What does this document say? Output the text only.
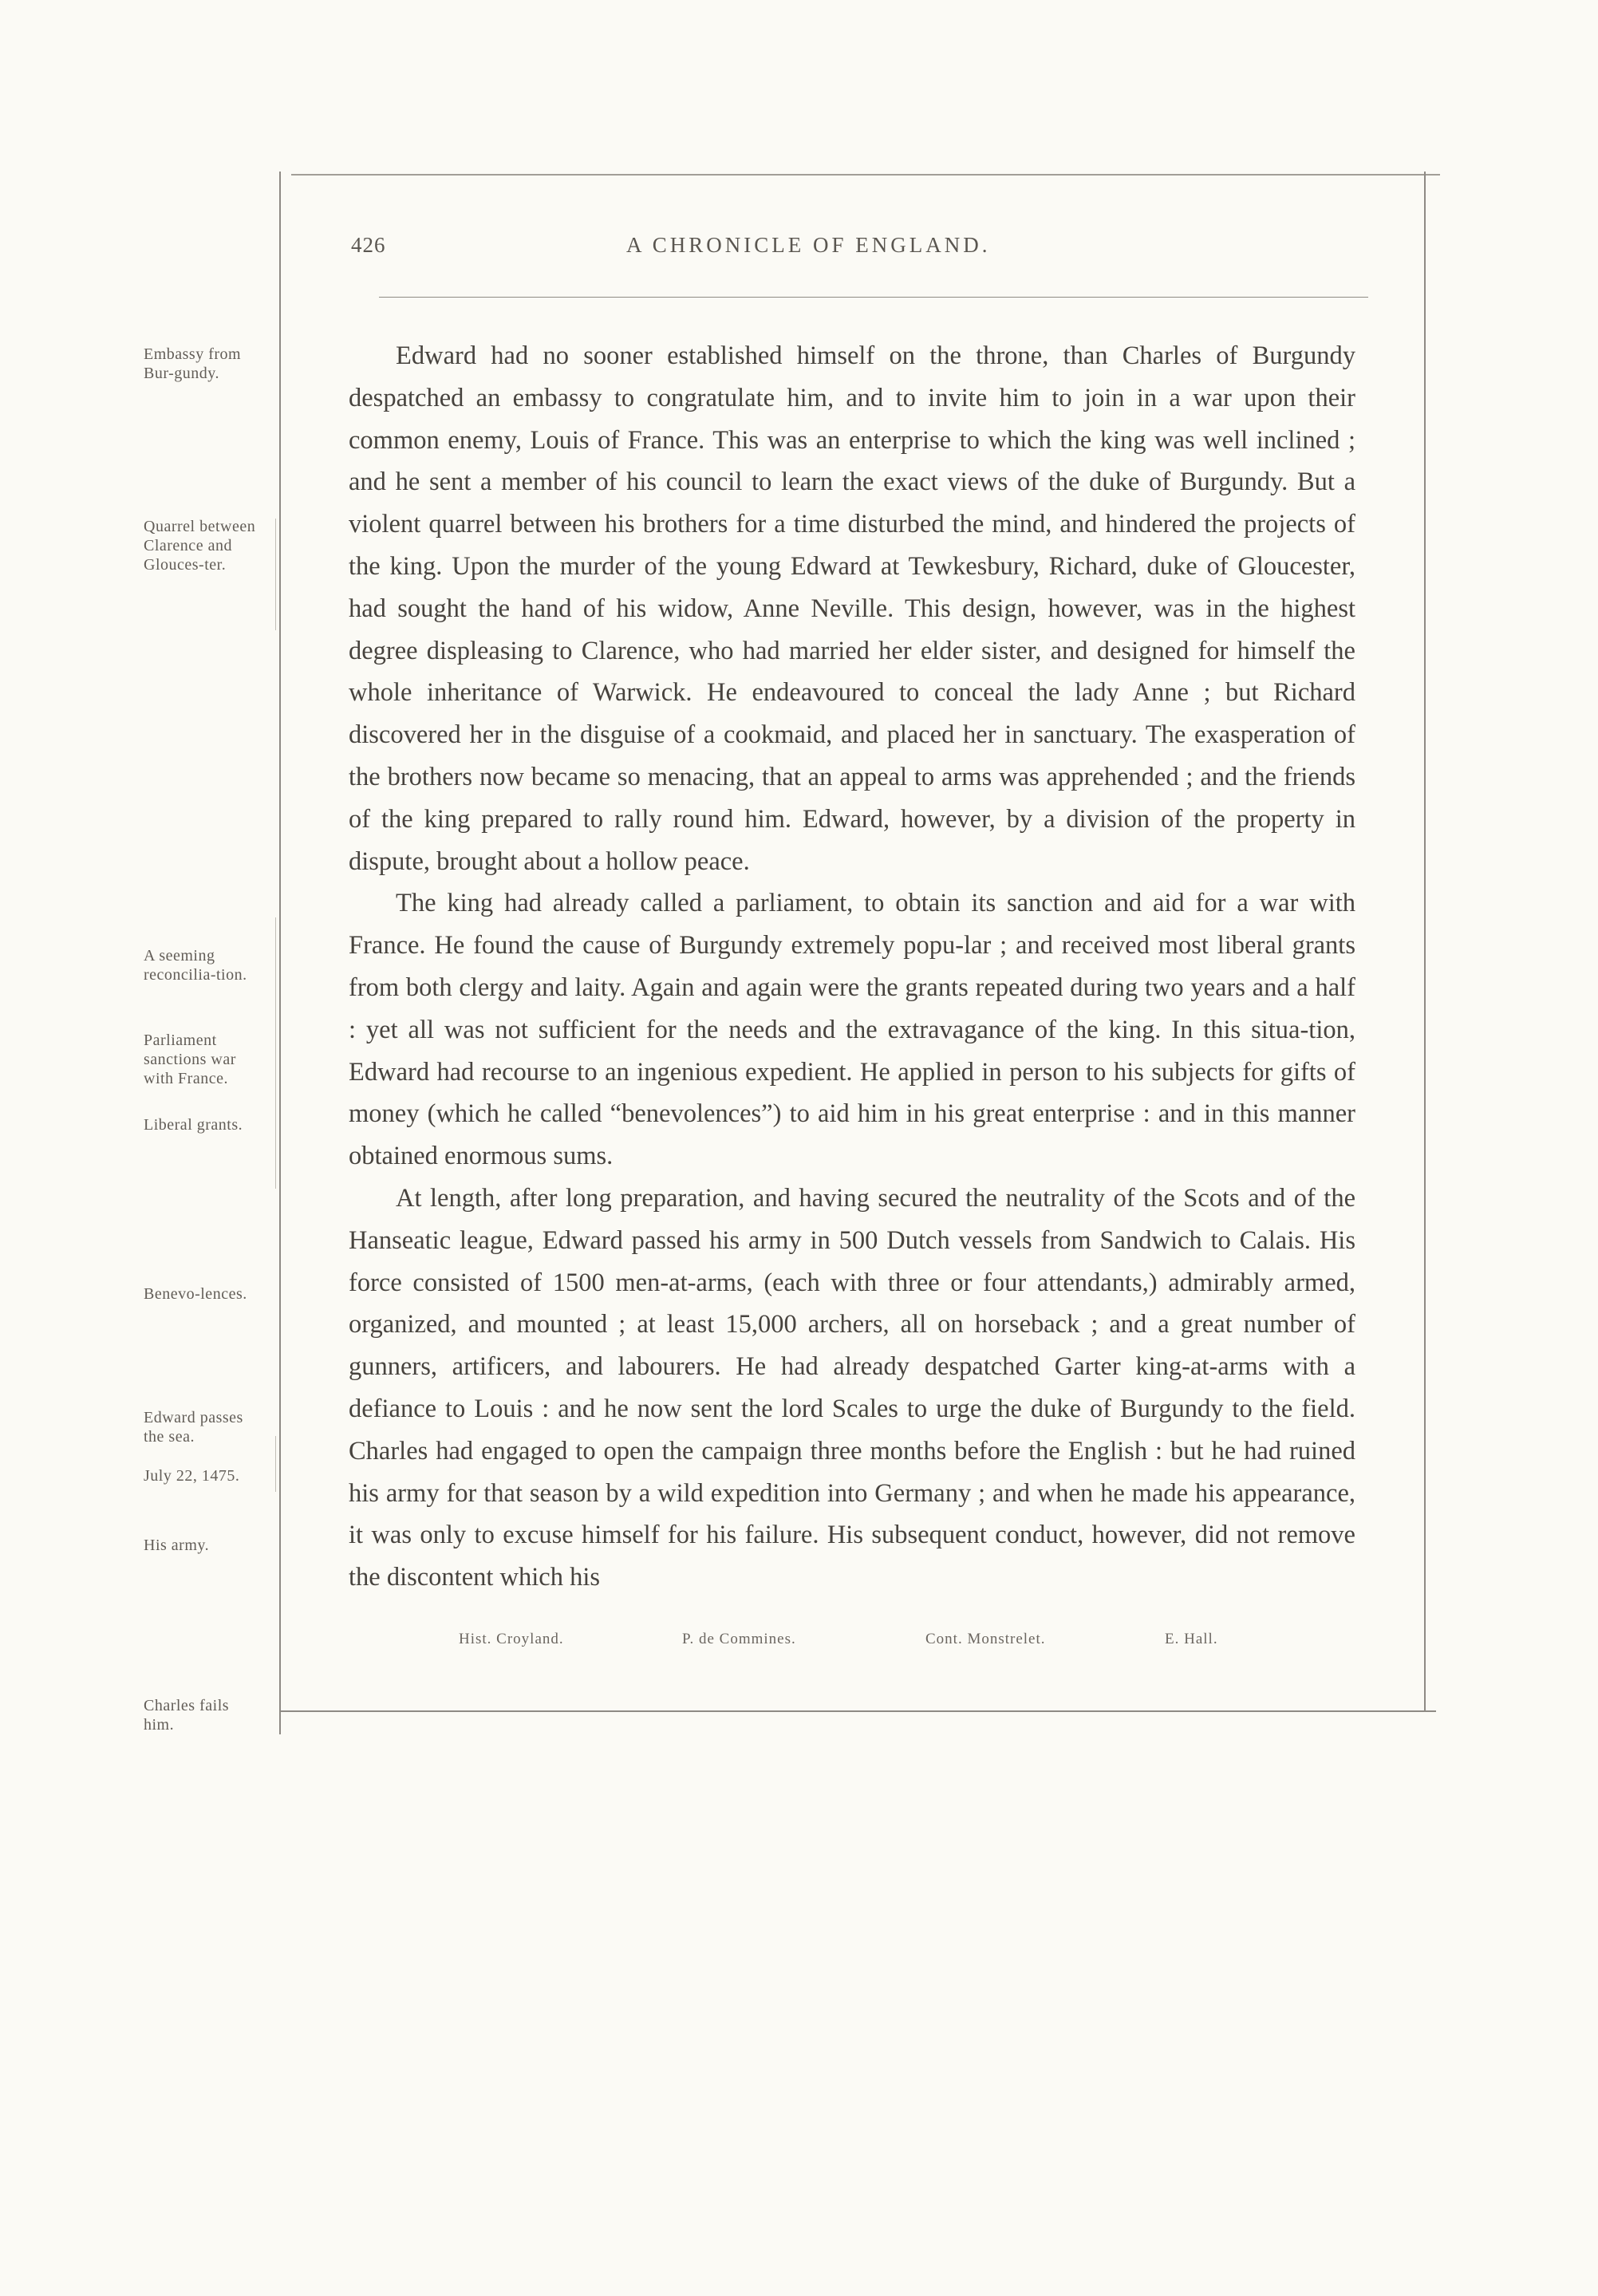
426	A CHRONICLE OF ENGLAND.
Embassy from Bur-gundy.
Quarrel between Clarence and Glouces-ter.
A seeming reconcilia-tion.
Parliament sanctions war with France.
Liberal grants.
Benevo-lences.
Edward passes the sea.
July 22, 1475.
His army.
Charles fails him.

Edward had no sooner established himself on the throne, than Charles of Burgundy despatched an embassy to congratulate him, and to invite him to join in a war upon their common enemy, Louis of France. This was an enterprise to which the king was well inclined ; and he sent a member of his council to learn the exact views of the duke of Burgundy. But a violent quarrel between his brothers for a time disturbed the mind, and hindered the projects of the king. Upon the murder of the young Edward at Tewkesbury, Richard, duke of Gloucester, had sought the hand of his widow, Anne Neville. This design, however, was in the highest degree displeasing to Clarence, who had married her elder sister, and designed for himself the whole inheritance of Warwick. He endeavoured to conceal the lady Anne ; but Richard discovered her in the disguise of a cookmaid, and placed her in sanctuary. The exasperation of the brothers now became so menacing, that an appeal to arms was apprehended ; and the friends of the king prepared to rally round him. Edward, however, by a division of the property in dispute, brought about a hollow peace.

The king had already called a parliament, to obtain its sanction and aid for a war with France. He found the cause of Burgundy extremely popu-lar ; and received most liberal grants from both clergy and laity. Again and again were the grants repeated during two years and a half : yet all was not sufficient for the needs and the extravagance of the king. In this situa-tion, Edward had recourse to an ingenious expedient. He applied in person to his subjects for gifts of money (which he called “benevolences”) to aid him in his great enterprise : and in this manner obtained enormous sums.

At length, after long preparation, and having secured the neutrality of the Scots and of the Hanseatic league, Edward passed his army in 500 Dutch vessels from Sandwich to Calais. His force consisted of 1500 men-at-arms, (each with three or four attendants,) admirably armed, organized, and mounted ; at least 15,000 archers, all on horseback ; and a great number of gunners, artificers, and labourers. He had already despatched Garter king-at-arms with a defiance to Louis : and he now sent the lord Scales to urge the duke of Burgundy to the field. Charles had engaged to open the campaign three months before the English : but he had ruined his army for that season by a wild expedition into Germany ; and when he made his appearance, it was only to excuse himself for his failure. His subsequent conduct, however, did not remove the discontent which his

Hist. Croyland.	P. de Commines.	Cont. Monstrelet.	E. Hall.
